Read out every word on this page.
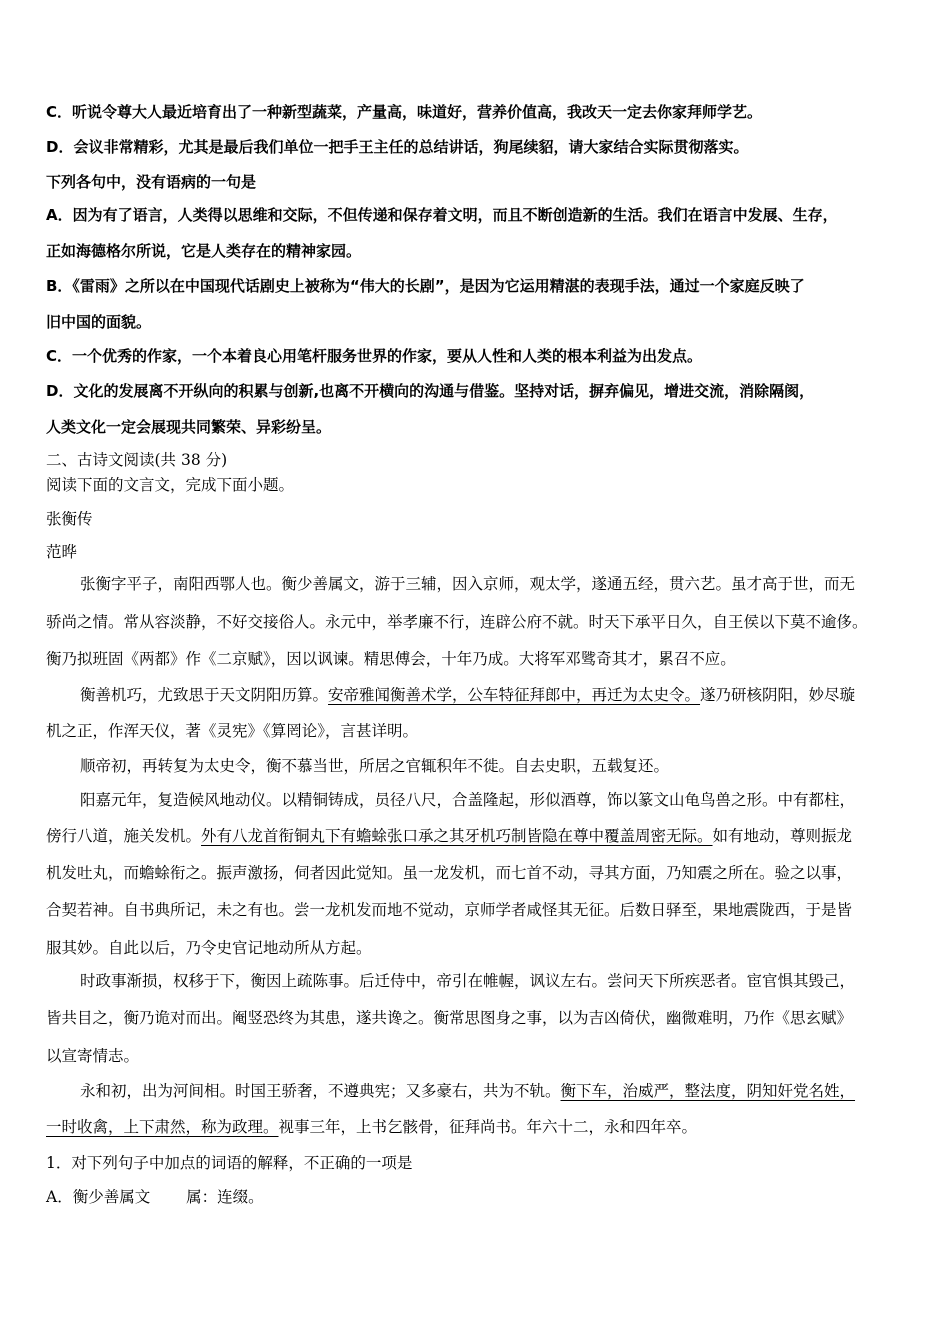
C．听说令尊大人最近培育出了一种新型蔬菜，产量高，味道好，营养价值高，我改天一定去你家拜师学艺。
D．会议非常精彩，尤其是最后我们单位一把手王主任的总结讲话，狗尾续貂，请大家结合实际贯彻落实。
下列各句中，没有语病的一句是
A．因为有了语言，人类得以思维和交际，不但传递和保存着文明，而且不断创造新的生活。我们在语言中发展、生存，
正如海德格尔所说，它是人类存在的精神家园。
B．《雷雨》之所以在中国现代话剧史上被称为“伟大的长剧”，是因为它运用精湛的表现手法，通过一个家庭反映了
旧中国的面貌。
C．一个优秀的作家，一个本着良心用笔杆服务世界的作家，要从人性和人类的根本利益为出发点。
D．文化的发展离不开纵向的积累与创新,也离不开横向的沟通与借鉴。坚持对话，摒弃偏见，增进交流，消除隔阂，
人类文化一定会展现共同繁荣、异彩纷呈。
二、古诗文阅读(共 38 分)
阅读下面的文言文，完成下面小题。
张衡传
范晔
张衡字平子，南阳西鄂人也。衡少善属文，游于三辅，因入京师，观太学，遂通五经，贯六艺。虽才高于世，而无
骄尚之情。常从容淡静，不好交接俗人。永元中，举孝廉不行，连辟公府不就。时天下承平日久，自王侯以下莫不逾侈。
衡乃拟班固《两都》作《二京赋》，因以讽谏。精思傅会，十年乃成。大将军邓骘奇其才，累召不应。
衡善机巧，尤致思于天文阴阳历算。安帝雅闻衡善术学，公车特征拜郎中，再迁为太史令。遂乃研核阴阳，妙尽璇
机之正，作浑天仪，著《灵宪》《算罔论》，言甚详明。
顺帝初，再转复为太史令，衡不慕当世，所居之官辄积年不徙。自去史职，五载复还。
阳嘉元年，复造候风地动仪。以精铜铸成，员径八尺，合盖隆起，形似酒尊，饰以篆文山龟鸟兽之形。中有都柱，
傍行八道，施关发机。外有八龙首衔铜丸下有蟾蜍张口承之其牙机巧制皆隐在尊中覆盖周密无际。如有地动，尊则振龙
机发吐丸，而蟾蜍衔之。振声激扬，伺者因此觉知。虽一龙发机，而七首不动，寻其方面，乃知震之所在。验之以事，
合契若神。自书典所记，未之有也。尝一龙机发而地不觉动，京师学者咸怪其无征。后数日驿至，果地震陇西，于是皆
服其妙。自此以后，乃令史官记地动所从方起。
时政事渐损，权移于下，衡因上疏陈事。后迁侍中，帝引在帷幄，讽议左右。尝问天下所疾恶者。宦官惧其毁己，
皆共目之，衡乃诡对而出。阉竖恐终为其患，遂共谗之。衡常思图身之事，以为吉凶倚伏，幽微难明，乃作《思玄赋》
以宣寄情志。
永和初，出为河间相。时国王骄奢，不遵典宪；又多豪右，共为不轨。衡下车，治威严，整法度，阴知奸党名姓，
一时收禽，上下肃然，称为政理。视事三年，上书乞骸骨，征拜尚书。年六十二，永和四年卒。
1．对下列句子中加点的词语的解释，不正确的一项是
A．衡少善属文　　 属：连缀。
